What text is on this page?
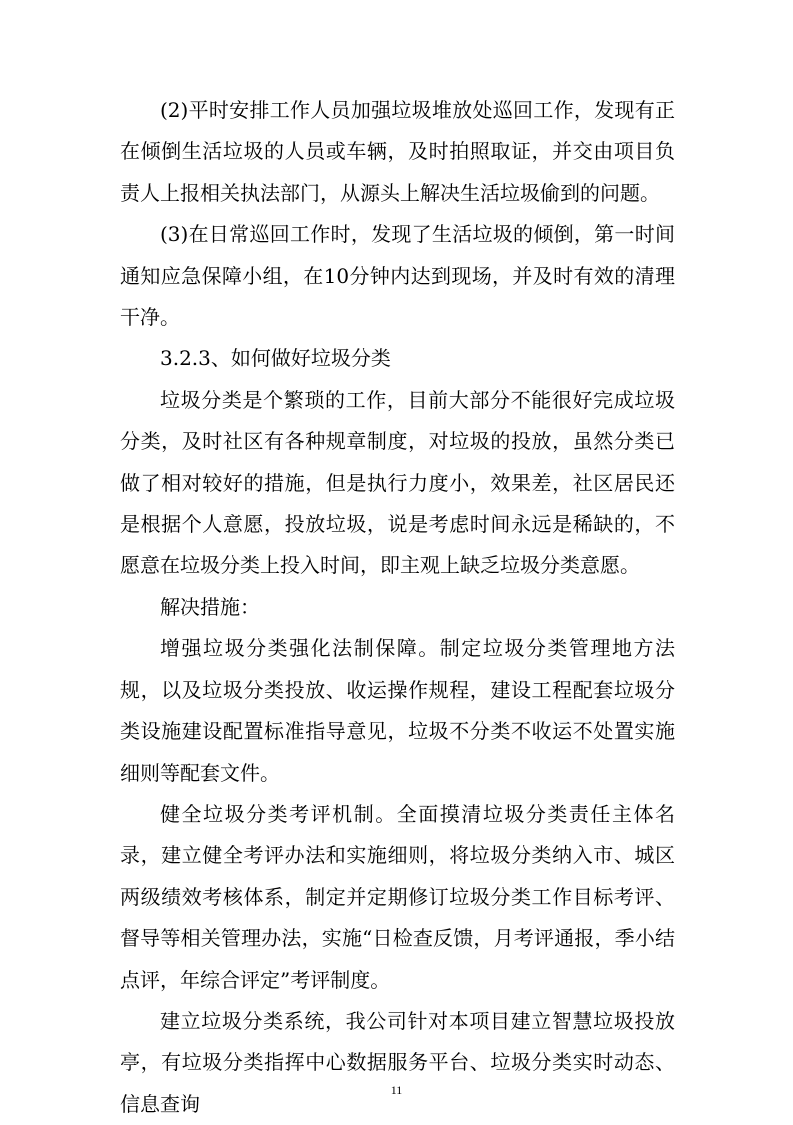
(2)平时安排工作人员加强垃圾堆放处巡回工作，发现有正在倾倒生活垃圾的人员或车辆，及时拍照取证，并交由项目负责人上报相关执法部门，从源头上解决生活垃圾偷到的问题。

(3)在日常巡回工作时，发现了生活垃圾的倾倒，第一时间通知应急保障小组，在10分钟内达到现场，并及时有效的清理干净。

3.2.3、如何做好垃圾分类

垃圾分类是个繁琐的工作，目前大部分不能很好完成垃圾分类，及时社区有各种规章制度，对垃圾的投放，虽然分类已做了相对较好的措施，但是执行力度小，效果差，社区居民还是根据个人意愿，投放垃圾，说是考虑时间永远是稀缺的，不愿意在垃圾分类上投入时间，即主观上缺乏垃圾分类意愿。

解决措施：

增强垃圾分类强化法制保障。制定垃圾分类管理地方法规，以及垃圾分类投放、收运操作规程，建设工程配套垃圾分类设施建设配置标准指导意见，垃圾不分类不收运不处置实施细则等配套文件。

健全垃圾分类考评机制。全面摸清垃圾分类责任主体名录，建立健全考评办法和实施细则，将垃圾分类纳入市、城区两级绩效考核体系，制定并定期修订垃圾分类工作目标考评、督导等相关管理办法，实施“日检查反馈，月考评通报，季小结点评，年综合评定”考评制度。

建立垃圾分类系统，我公司针对本项目建立智慧垃圾投放亭，有垃圾分类指挥中心数据服务平台、垃圾分类实时动态、信息查询

11
